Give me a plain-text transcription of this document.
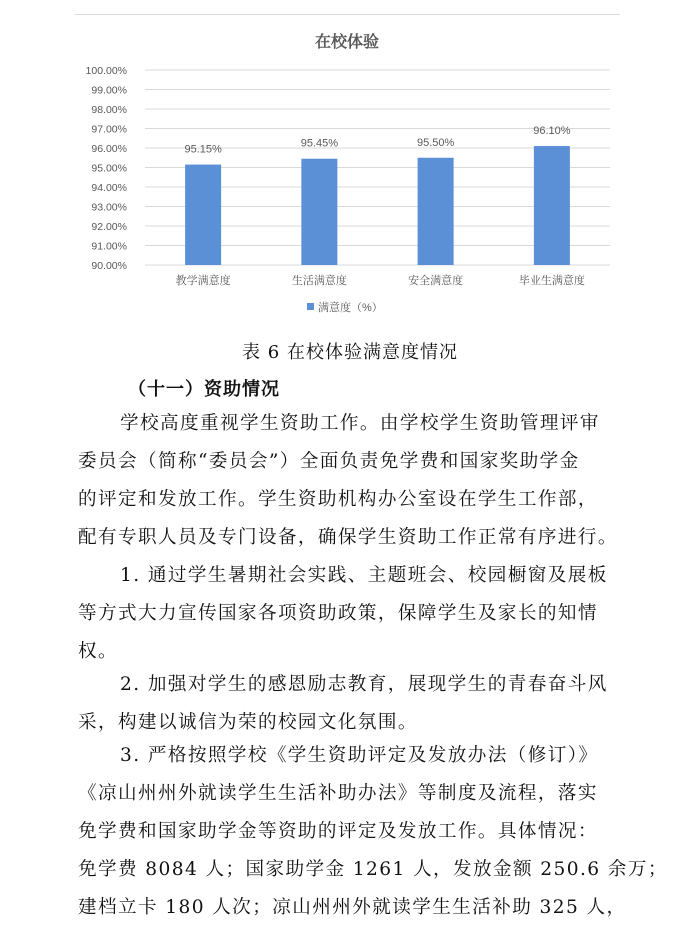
在校体验
90.00%
91.00%
92.00%
93.00%
94.00%
95.00%
96.00%
97.00%
98.00%
99.00%
100.00%
95.15%	95.45%	95.50%
96.10%
教学满意度	生活满意度	安全满意度	毕业生满意度
满意度（%）
表 6 在校体验满意度情况
（十一）资助情况
学校高度重视学生资助工作。由学校学生资助管理评审
委员会（简称“委员会”）全面负责免学费和国家奖助学金
的评定和发放工作。学生资助机构办公室设在学生工作部，
配有专职人员及专门设备，确保学生资助工作正常有序进行。
1. 通过学生暑期社会实践、主题班会、校园橱窗及展板
等方式大力宣传国家各项资助政策，保障学生及家长的知情
权。
2. 加强对学生的感恩励志教育，展现学生的青春奋斗风
采，构建以诚信为荣的校园文化氛围。
3. 严格按照学校《学生资助评定及发放办法（修订）》
《凉山州州外就读学生生活补助办法》等制度及流程，落实
免学费和国家助学金等资助的评定及发放工作。具体情况：
免学费 8084 人；国家助学金 1261 人，发放金额 250.6 余万；
建档立卡 180 人次；凉山州州外就读学生生活补助 325 人，
